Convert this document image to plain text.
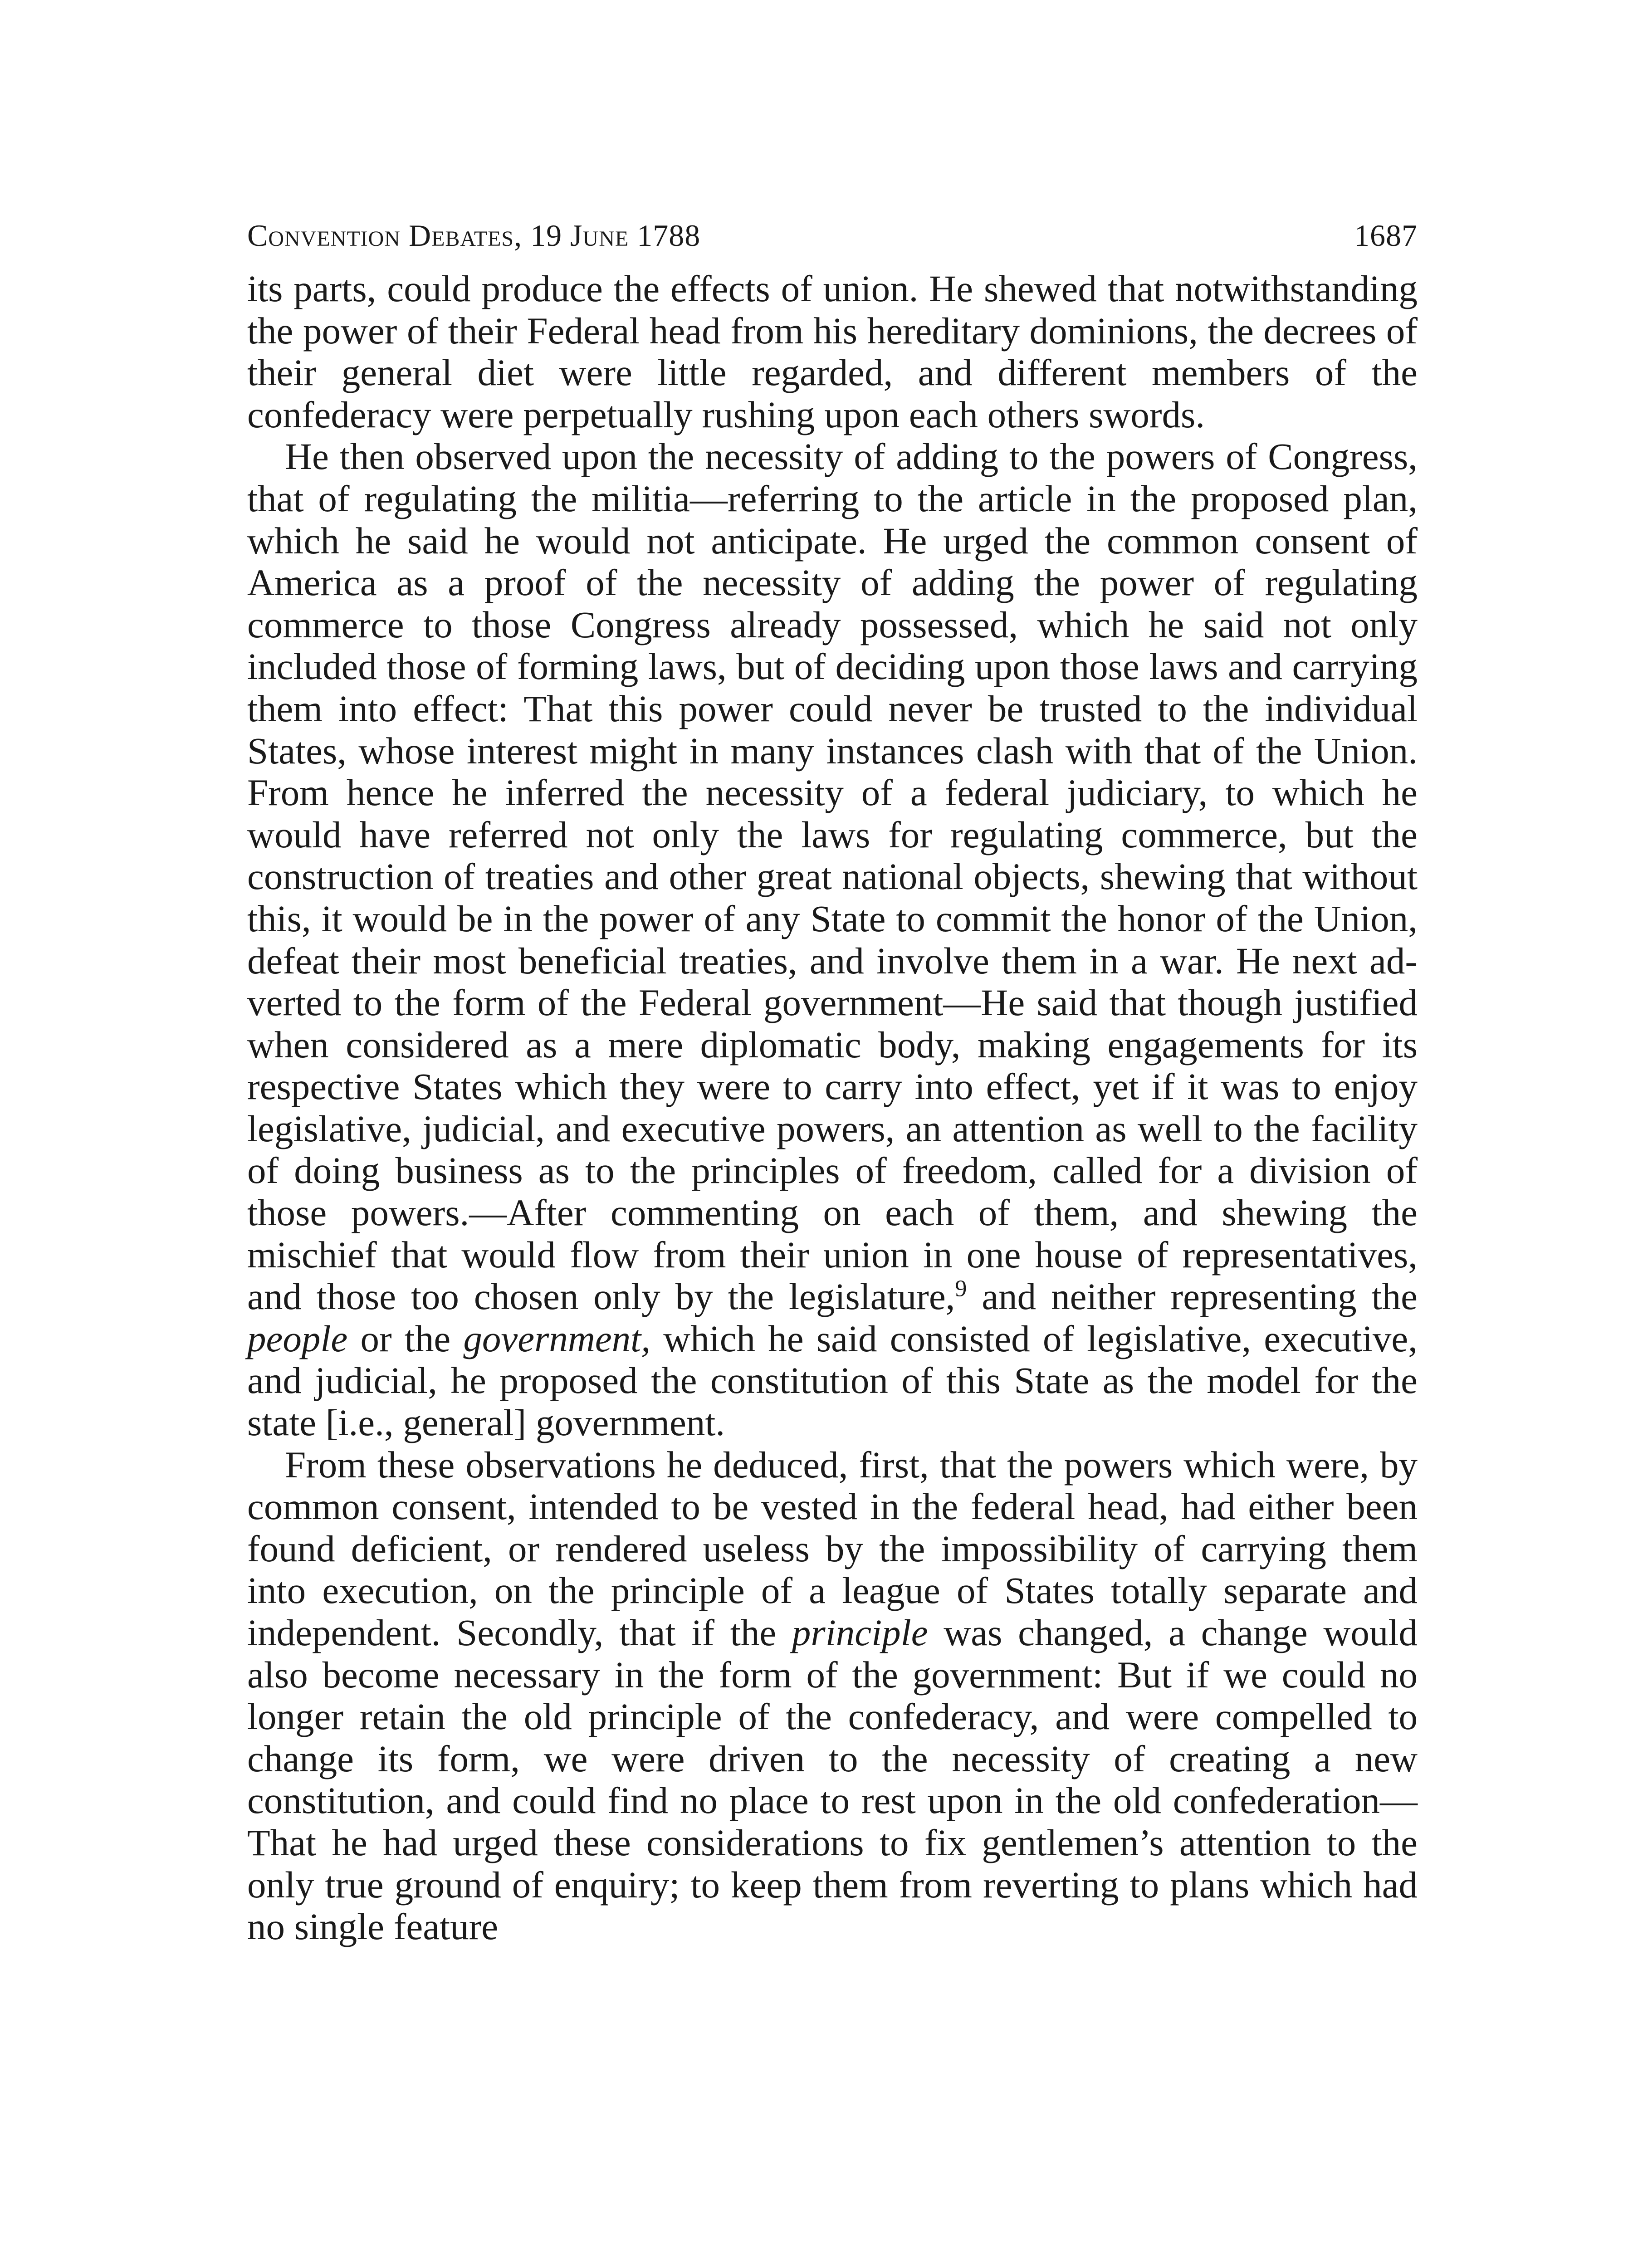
Convention Debates, 19 June 1788	1687

its parts, could produce the effects of union. He shewed that notwithstanding the power of their Federal head from his hereditary dominions, the decrees of their general diet were little regarded, and different members of the confederacy were perpetually rushing upon each others swords.

He then observed upon the necessity of adding to the powers of Congress, that of regulating the militia—referring to the article in the proposed plan, which he said he would not anticipate. He urged the common consent of America as a proof of the necessity of adding the power of regulating commerce to those Congress already possessed, which he said not only included those of forming laws, but of deciding upon those laws and carrying them into effect: That this power could never be trusted to the individual States, whose interest might in many instances clash with that of the Union. From hence he inferred the necessity of a federal judiciary, to which he would have referred not only the laws for regulating commerce, but the construction of treaties and other great national objects, shewing that without this, it would be in the power of any State to commit the honor of the Union, defeat their most beneficial treaties, and involve them in a war. He next adverted to the form of the Federal government—He said that though justified when considered as a mere diplomatic body, making engagements for its respective States which they were to carry into effect, yet if it was to enjoy legislative, judicial, and executive powers, an attention as well to the facility of doing business as to the principles of freedom, called for a division of those powers.—After commenting on each of them, and shewing the mischief that would flow from their union in one house of representatives, and those too chosen only by the legislature,$^9$ and neither representing the people or the government, which he said consisted of legislative, executive, and judicial, he proposed the constitution of this State as the model for the state [i.e., general] government.

From these observations he deduced, first, that the powers which were, by common consent, intended to be vested in the federal head, had either been found deficient, or rendered useless by the impossibility of carrying them into execution, on the principle of a league of States totally separate and independent. Secondly, that if the principle was changed, a change would also become necessary in the form of the government: But if we could no longer retain the old principle of the confederacy, and were compelled to change its form, we were driven to the necessity of creating a new constitution, and could find no place to rest upon in the old confederation—That he had urged these considerations to fix gentlemen’s attention to the only true ground of enquiry; to keep them from reverting to plans which had no single feature
